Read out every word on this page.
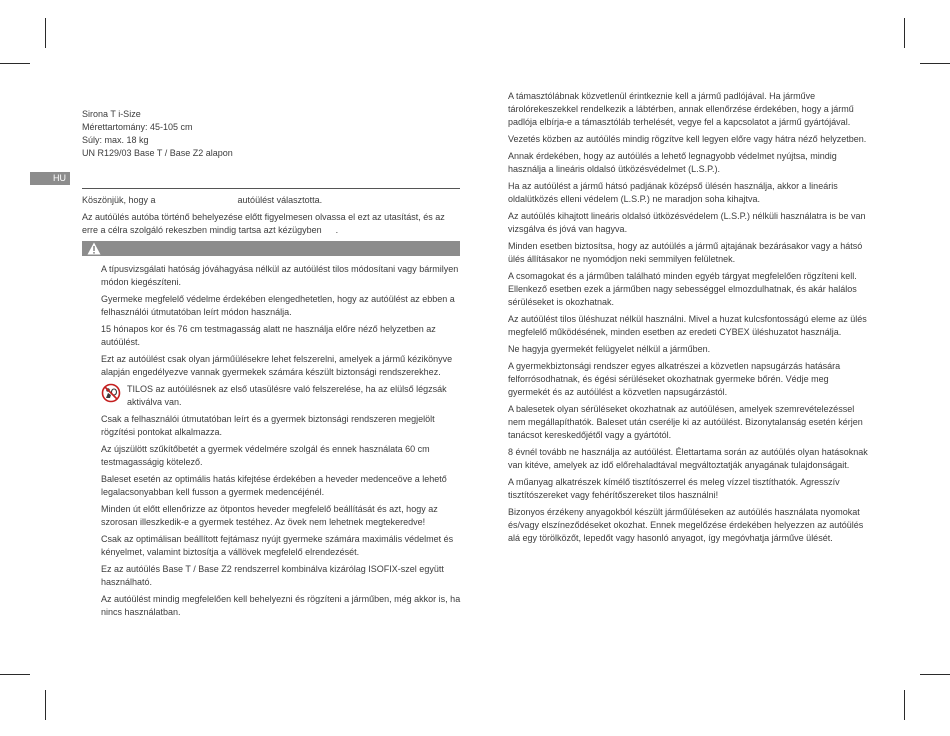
HU
Sirona T i-Size
Mérettartomány: 45-105 cm
Súly: max. 18 kg
UN R129/03 Base T / Base Z2 alapon

Köszönjük, hogy a	autóülést választotta.

Az autóülés autóba történő behelyezése előtt figyelmesen olvassa el ezt az utasítást, és az erre a célra szolgáló rekeszben mindig tartsa azt kézügyben .

A típusvizsgálati hatóság jóváhagyása nélkül az autóülést tilos módosítani vagy bármilyen módon kiegészíteni.

Gyermeke megfelelő védelme érdekében elengedhetetlen, hogy az autóülést az ebben a felhasználói útmutatóban leírt módon használja.

15 hónapos kor és 76 cm testmagasság alatt ne használja előre néző helyzetben az autóülést.

Ezt az autóülést csak olyan járműülésekre lehet felszerelni, amelyek a jármű kézikönyve alapján engedélyezve vannak gyermekek számára készült biztonsági rendszerekhez.

TILOS az autóülésnek az első utasülésre való felszerelése, ha az elülső légzsák aktiválva van.

Csak a felhasználói útmutatóban leírt és a gyermek biztonsági rendszeren megjelölt rögzítési pontokat alkalmazza.

Az újszülött szűkítőbetét a gyermek védelmére szolgál és ennek használata 60 cm testmagasságig kötelező.

Baleset esetén az optimális hatás kifejtése érdekében a heveder medenceöve a lehető legalacsonyabban kell fusson a gyermek medencéjénél.

Minden út előtt ellenőrizze az ötpontos heveder megfelelő beállítását és azt, hogy az szorosan illeszkedik-e a gyermek testéhez. Az övek nem lehetnek megtekeredve!

Csak az optimálisan beállított fejtámasz nyújt gyermeke számára maximális védelmet és kényelmet, valamint biztosítja a vállövek megfelelő elrendezését.

Ez az autóülés Base T / Base Z2 rendszerrel kombinálva kizárólag ISOFIX-szel együtt használható.

Az autóülést mindig megfelelően kell behelyezni és rögzíteni a járműben, még akkor is, ha nincs használatban.

A támasztólábnak közvetlenül érintkeznie kell a jármű padlójával. Ha járműve tárolórekeszekkel rendelkezik a lábtérben, annak ellenőrzése érdekében, hogy a jármű padlója elbírja-e a támasztóláb terhelését, vegye fel a kapcsolatot a jármű gyártójával.

Vezetés közben az autóülés mindig rögzítve kell legyen előre vagy hátra néző helyzetben.

Annak érdekében, hogy az autóülés a lehető legnagyobb védelmet nyújtsa, mindig használja a lineáris oldalsó ütközésvédelmet (L.S.P.).

Ha az autóülést a jármű hátsó padjának középső ülésén használja, akkor a lineáris oldalütközés elleni védelem (L.S.P.) ne maradjon soha kihajtva.

Az autóülés kihajtott lineáris oldalsó ütközésvédelem (L.S.P.) nélküli használatra is be van vizsgálva és jóvá van hagyva.

Minden esetben biztosítsa, hogy az autóülés a jármű ajtajának bezárásakor vagy a hátsó ülés állításakor ne nyomódjon neki semmilyen felületnek.

A csomagokat és a járműben található minden egyéb tárgyat megfelelően rögzíteni kell. Ellenkező esetben ezek a járműben nagy sebességgel elmozdulhatnak, és akár halálos sérüléseket is okozhatnak.

Az autóülést tilos üléshuzat nélkül használni. Mivel a huzat kulcsfontosságú eleme az ülés megfelelő működésének, minden esetben az eredeti CYBEX üléshuzatot használja.

Ne hagyja gyermekét felügyelet nélkül a járműben.

A gyermekbiztonsági rendszer egyes alkatrészei a közvetlen napsugárzás hatására felforrósodhatnak, és égési sérüléseket okozhatnak gyermeke bőrén. Védje meg gyermekét és az autóülést a közvetlen napsugárzástól.

A balesetek olyan sérüléseket okozhatnak az autóülésen, amelyek szemrevételezéssel nem megállapíthatók. Baleset után cserélje ki az autóülést. Bizonytalanság esetén kérjen tanácsot kereskedőjétől vagy a gyártótól.

8 évnél tovább ne használja az autóülést. Élettartama során az autóülés olyan hatásoknak van kitéve, amelyek az idő előrehaladtával megváltoztatják anyagának tulajdonságait.

A műanyag alkatrészek kímélő tisztítószerrel és meleg vízzel tisztíthatók. Agresszív tisztítószereket vagy fehérítőszereket tilos használni!

Bizonyos érzékeny anyagokból készült járműüléseken az autóülés használata nyomokat és/vagy elszíneződéseket okozhat. Ennek megelőzése érdekében helyezzen az autóülés alá egy törölközőt, lepedőt vagy hasonló anyagot, így megóvhatja járműve ülését.
